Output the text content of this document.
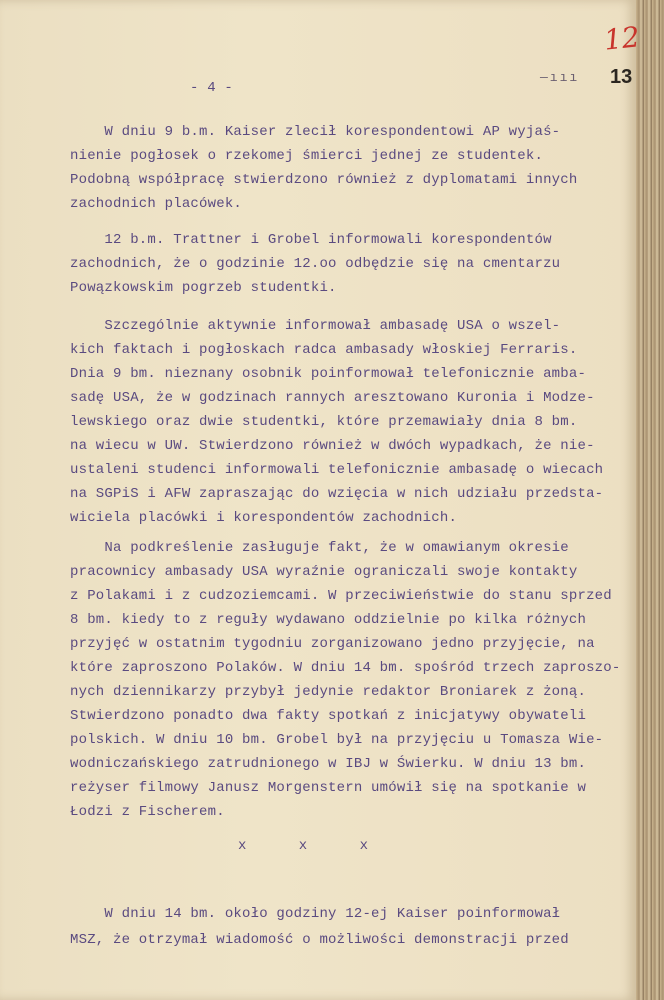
12
—ııı 13
- 4 -
W dniu 9 b.m. Kaiser zlecił korespondentowi AP wyjaś-
nienie pogłosek o rzekomej śmierci jednej ze studentek.
Podobną współpracę stwierdzono również z dyplomatami innych
zachodnich placówek.
12 b.m. Trattner i Grobel informowali korespondentów
zachodnich, że o godzinie 12.oo odbędzie się na cmentarzu
Powązkowskim pogrzeb studentki.
Szczególnie aktywnie informował ambasadę USA o wszel-
kich faktach i pogłoskach radca ambasady włoskiej Ferraris.
Dnia 9 bm. nieznany osobnik poinformował telefonicznie amba-
sadę USA, że w godzinach rannych aresztowano Kuronia i Modze-
lewskiego oraz dwie studentki, które przemawiały dnia 8 bm.
na wiecu w UW. Stwierdzono również w dwóch wypadkach, że nie-
ustaleni studenci informowali telefonicznie ambasadę o wiecach
na SGPiS i AFW zapraszając do wzięcia w nich udziału przedsta-
wiciela placówki i korespondentów zachodnich.
Na podkreślenie zasługuje fakt, że w omawianym okresie
pracownicy ambasady USA wyraźnie ograniczali swoje kontakty
z Polakami i z cudzoziemcami. W przeciwieństwie do stanu sprzed
8 bm. kiedy to z reguły wydawano oddzielnie po kilka różnych
przyjęć w ostatnim tygodniu zorganizowano jedno przyjęcie, na
które zaproszono Polaków. W dniu 14 bm. spośród trzech zaproszo-
nych dziennikarzy przybył jedynie redaktor Broniarek z żoną.
Stwierdzono ponadto dwa fakty spotkań z inicjatywy obywateli
polskich. W dniu 10 bm. Grobel był na przyjęciu u Tomasza Wie-
wodniczańskiego zatrudnionego w IBJ w Świerku. W dniu 13 bm.
reżyser filmowy Janusz Morgenstern umówił się na spotkanie w
Łodzi z Fischerem.
x x x
W dniu 14 bm. około godziny 12-ej Kaiser poinformował
MSZ, że otrzymał wiadomość o możliwości demonstracji przed
